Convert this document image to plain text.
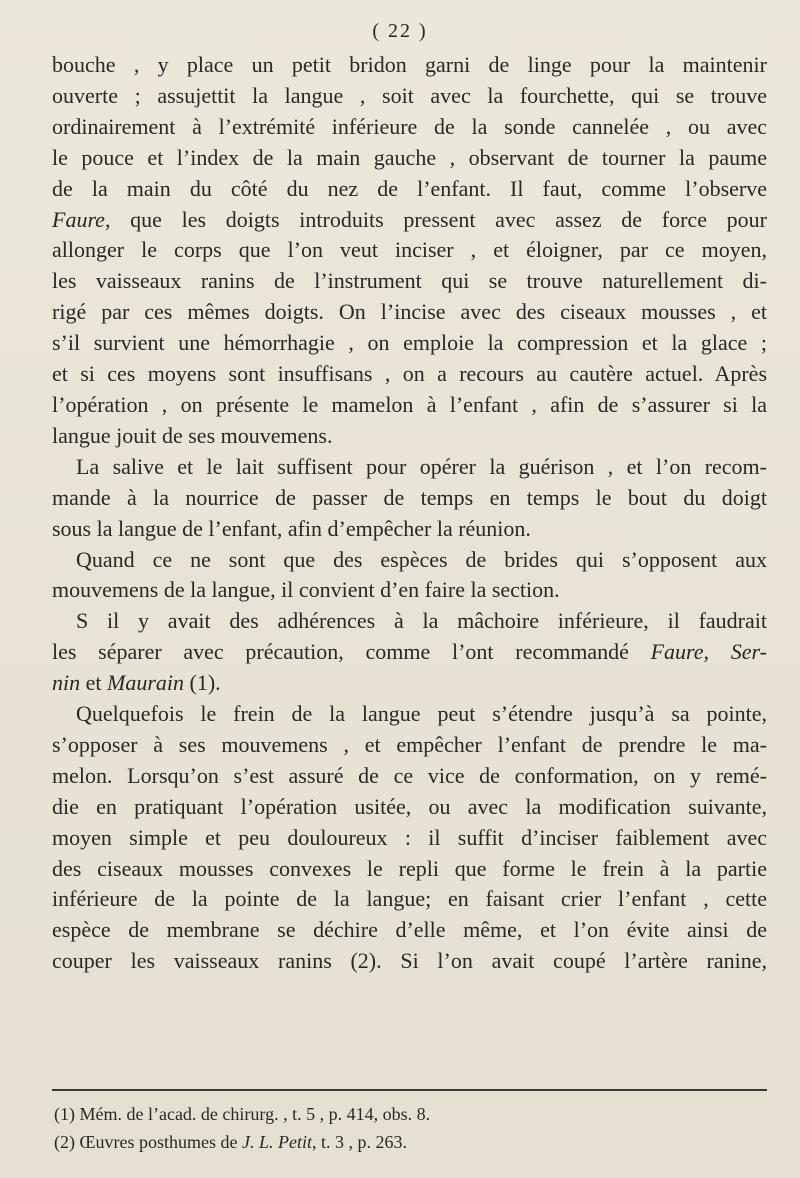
( 22 )
bouche , y place un petit bridon garni de linge pour la maintenir
ouverte ; assujettit la langue , soit avec la fourchette, qui se trouve
ordinairement à l’extrémité inférieure de la sonde cannelée , ou avec
le pouce et l’index de la main gauche , observant de tourner la paume
de la main du côté du nez de l’enfant. Il faut, comme l’observe
Faure, que les doigts introduits pressent avec assez de force pour
allonger le corps que l’on veut inciser , et éloigner, par ce moyen,
les vaisseaux ranins de l’instrument qui se trouve naturellement di-
rigé par ces mêmes doigts. On l’incise avec des ciseaux mousses , et
s’il survient une hémorrhagie , on emploie la compression et la glace ;
et si ces moyens sont insuffisans , on a recours au cautère actuel. Après
l’opération , on présente le mamelon à l’enfant , afin de s’assurer si la
langue jouit de ses mouvemens.
La salive et le lait suffisent pour opérer la guérison , et l’on recom-
mande à la nourrice de passer de temps en temps le bout du doigt
sous la langue de l’enfant, afin d’empêcher la réunion.
Quand ce ne sont que des espèces de brides qui s’opposent aux
mouvemens de la langue, il convient d’en faire la section.
S il y avait des adhérences à la mâchoire inférieure, il faudrait
les séparer avec précaution, comme l’ont recommandé Faure, Ser-
nin et Maurain (1).
Quelquefois le frein de la langue peut s’étendre jusqu’à sa pointe,
s’opposer à ses mouvemens , et empêcher l’enfant de prendre le ma-
melon. Lorsqu’on s’est assuré de ce vice de conformation, on y remé-
die en pratiquant l’opération usitée, ou avec la modification suivante,
moyen simple et peu douloureux : il suffit d’inciser faiblement avec
des ciseaux mousses convexes le repli que forme le frein à la partie
inférieure de la pointe de la langue; en faisant crier l’enfant , cette
espèce de membrane se déchire d’elle même, et l’on évite ainsi de
couper les vaisseaux ranins (2). Si l’on avait coupé l’artère ranine,
(1) Mém. de l’acad. de chirurg. , t. 5 , p. 414, obs. 8.
(2) Œuvres posthumes de J. L. Petit, t. 3 , p. 263.
